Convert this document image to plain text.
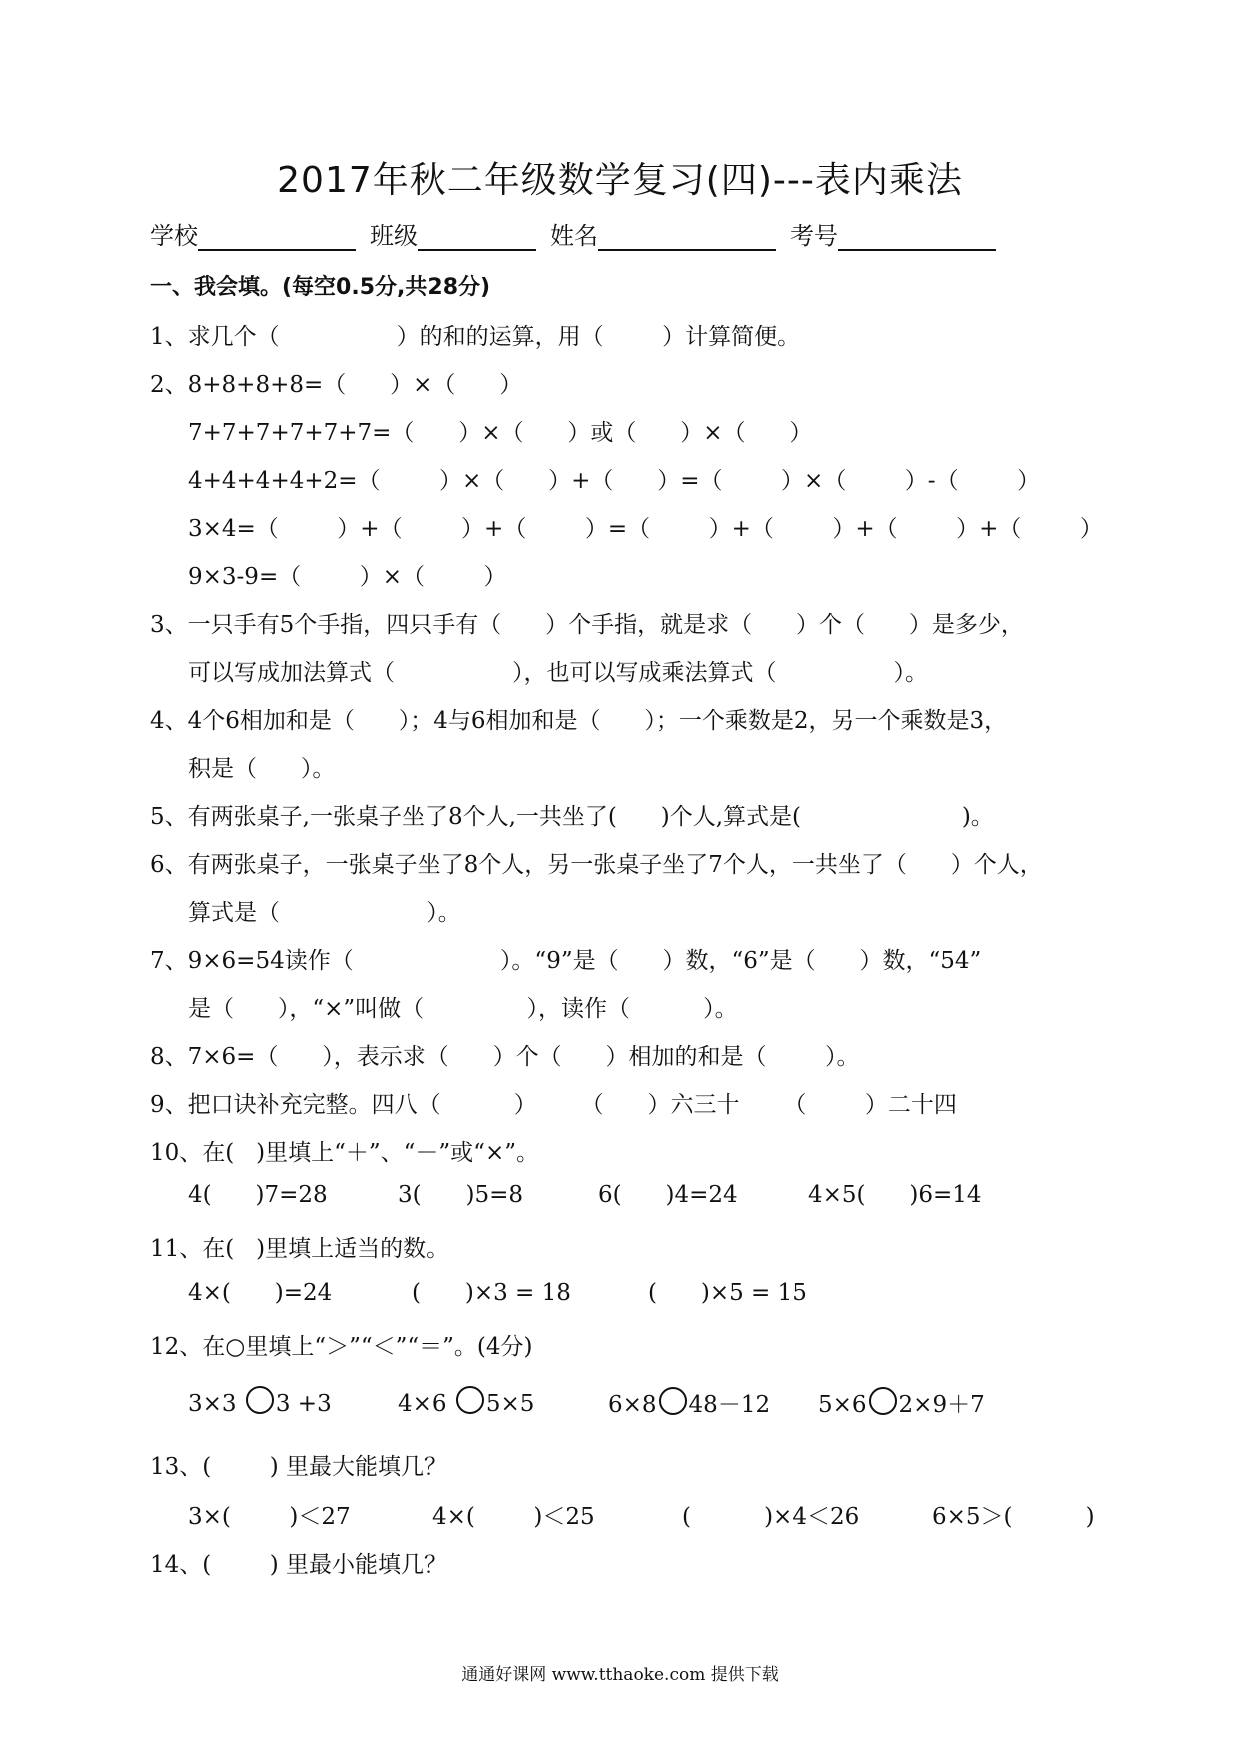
2017年秋二年级数学复习(四)---表内乘法
学校	班级	姓名	考号
一、我会填。(每空0.5分,共28分)
1、求几个（                ）的和的运算，用（        ）计算简便。
2、8+8+8+8=（      ）×（      ）
7+7+7+7+7+7=（      ）×（      ）或（      ）×（      ）
4+4+4+4+2=（        ）×（      ）+（      ）=（        ）×（        ）-（        ）
3×4=（        ）+（        ）+（        ）=（        ）+（        ）+（        ）+（        ）
9×3-9=（        ）×（        ）
3、一只手有5个手指，四只手有（      ）个手指，就是求（      ）个（      ）是多少，
可以写成加法算式（                ），也可以写成乘法算式（                ）。
4、4个6相加和是（      ）；4与6相加和是（      ）；一个乘数是2，另一个乘数是3，
积是（      ）。
5、有两张桌子,一张桌子坐了8个人,一共坐了(      )个人,算式是(                      )。
6、有两张桌子，一张桌子坐了8个人，另一张桌子坐了7个人，一共坐了（      ）个人，
算式是（                    ）。
7、9×6=54读作（                    ）。“9”是（      ）数，“6”是（      ）数，“54”
是（      ），“×”叫做（              ），读作（          ）。
8、7×6=（      ），表示求（      ）个（      ）相加的和是（        ）。
9、把口诀补充完整。四八（          ）      （      ）六三十      （        ）二十四
10、在(   )里填上“＋”、“－”或“×”。
4(      )7=28	3(      )5=8	6(      )4=24	4×5(      )6=14
11、在(   )里填上适当的数。
4×(      )=24	(      )×3 = 18	(      )×5 = 15
12、在○里填上“＞”“＜”“＝”。(4分)
3×3 3 +3	4×6 5×5	6×8 48－12 5×6 2×9＋7
13、(        ) 里最大能填几？
3×(        )＜27	4×(        )＜25	(          )×4＜26	6×5＞(          )
14、(        ) 里最小能填几？
通通好课网 www.tthaoke.com 提供下载
